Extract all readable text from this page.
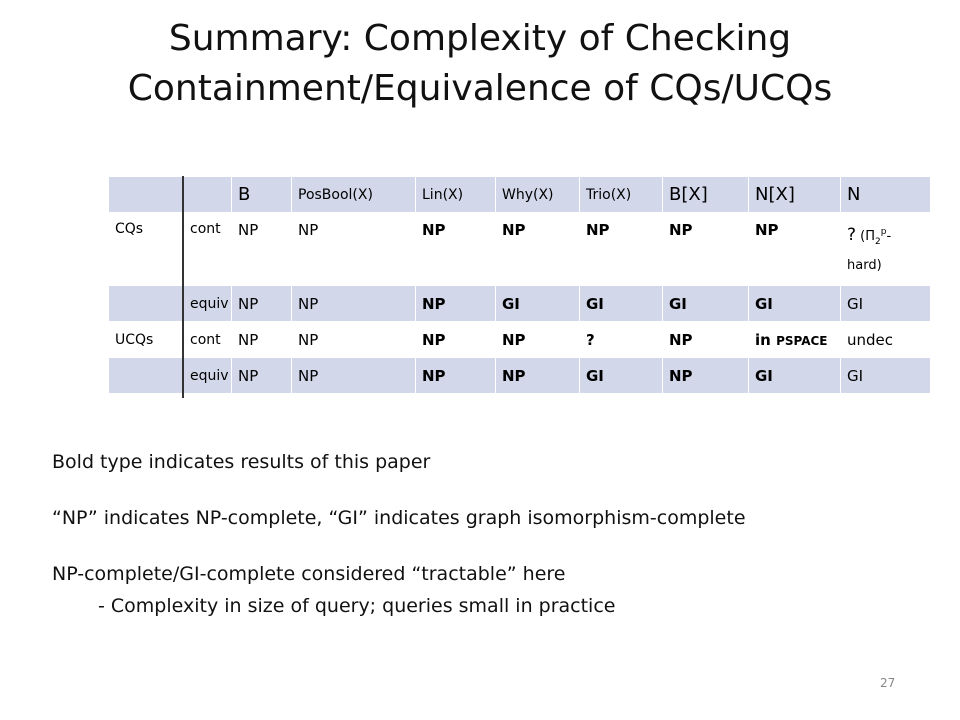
Summary: Complexity of Checking
Containment/Equivalence of CQs/UCQs
		B	PosBool(X)	Lin(X)	Why(X)	Trio(X)	B[X]	N[X]	N
CQs	cont	NP	NP	NP	NP	NP	NP	NP	? ($\Pi_2^p-$
hard)
	equiv	NP	NP	NP	GI	GI	GI	GI	GI
UCQs	cont	NP	NP	NP	NP	?	NP	in PSPACE	undec
	equiv	NP	NP	NP	NP	GI	NP	GI	GI
Bold type indicates results of this paper
“NP” indicates NP-complete, “GI” indicates graph isomorphism-complete
NP-complete/GI-complete considered “tractable” here
- Complexity in size of query; queries small in practice
27
